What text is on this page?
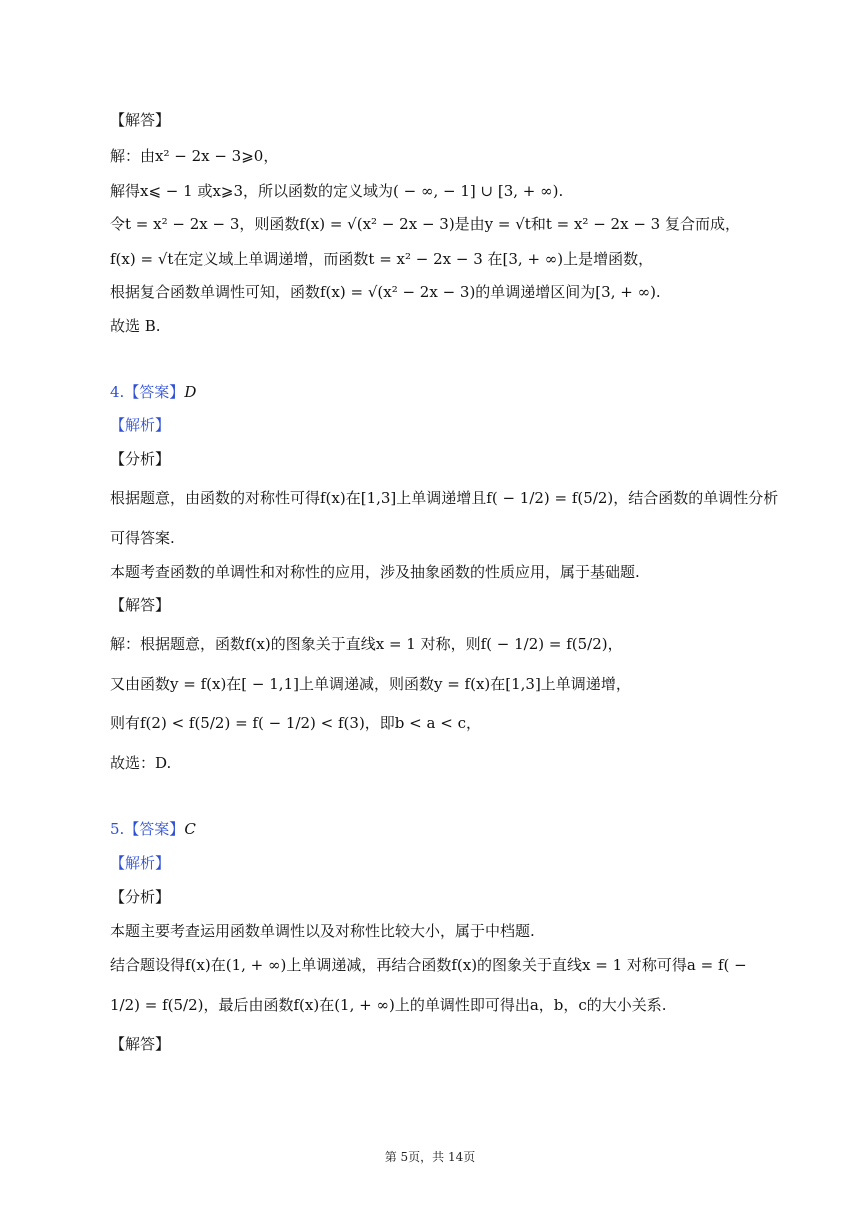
【解答】
解：由x² − 2x − 3⩾0，
解得x⩽ − 1 或x⩾3，所以函数的定义域为( − ∞, − 1] ∪ [3, + ∞).
令t = x² − 2x − 3，则函数f(x) = √(x² − 2x − 3)是由y = √t和t = x² − 2x − 3 复合而成，
f(x) = √t在定义域上单调递增，而函数t = x² − 2x − 3 在[3, + ∞)上是增函数，
根据复合函数单调性可知，函数f(x) = √(x² − 2x − 3)的单调递增区间为[3, + ∞).
故选 B.
4.【答案】D
【解析】
【分析】
根据题意，由函数的对称性可得f(x)在[1,3]上单调递增且f( − 1/2) = f(5/2)，结合函数的单调性分析
可得答案.
本题考查函数的单调性和对称性的应用，涉及抽象函数的性质应用，属于基础题.
【解答】
解：根据题意，函数f(x)的图象关于直线x = 1 对称，则f( − 1/2) = f(5/2)，
又由函数y = f(x)在[ − 1,1]上单调递减，则函数y = f(x)在[1,3]上单调递增，
则有f(2) < f(5/2) = f( − 1/2) < f(3)，即b < a < c，
故选：D.
5.【答案】C
【解析】
【分析】
本题主要考查运用函数单调性以及对称性比较大小，属于中档题.
结合题设得f(x)在(1, + ∞)上单调递减，再结合函数f(x)的图象关于直线x = 1 对称可得a = f( −
1/2) = f(5/2)，最后由函数f(x)在(1, + ∞)上的单调性即可得出a，b，c的大小关系.
【解答】
第 5页，共 14页
